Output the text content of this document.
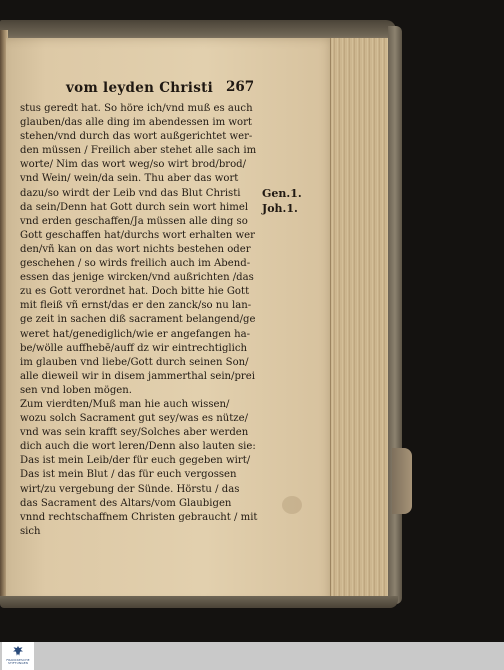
vom leyden Christi 267
stus geredt hat. So höre ich/vnd muß es auch
glauben/das alle ding im abendessen im wort
stehen/vnd durch das wort außgerichtet wer-
den müssen / Freilich aber stehet alle sach im
worte/ Nim das wort weg/so wirt brod/brod/
vnd Wein/ wein/da sein. Thu aber das wort
dazu/so wirdt der Leib vnd das Blut Christi
da sein/Denn hat Gott durch sein wort himel
vnd erden geschaffen/Ja müssen alle ding so
Gott geschaffen hat/durchs wort erhalten wer
den/vñ kan on das wort nichts bestehen oder
geschehen / so wirds freilich auch im Abend-
essen das jenige wircken/vnd außrichten /das
zu es Gott verordnet hat. Doch bitte hie Gott
mit fleiß vñ ernst/das er den zanck/so nu lan-
ge zeit in sachen diß sacrament belangend/ge
weret hat/genediglich/wie er angefangen ha-
be/wölle auffhebē/auff dz wir eintrechtiglich
im glauben vnd liebe/Gott durch seinen Son/
alle dieweil wir in disem jammerthal sein/prei
sen vnd loben mögen.
Zum vierdten/Muß man hie auch wissen/
wozu solch Sacrament gut sey/was es nütze/
vnd was sein krafft sey/Solches aber werden
dich auch die wort leren/Denn also lauten sie:
Das ist mein Leib/der für euch gegeben wirt/
Das ist mein Blut / das für euch vergossen
wirt/zu vergebung der Sünde. Hörstu / das
das Sacrament des Altars/vom Glaubigen
vnnd rechtschaffnem Christen gebraucht / mit
sich
Gen.1.
Joh.1.
FRANCKESCHE
STIFTUNGEN
